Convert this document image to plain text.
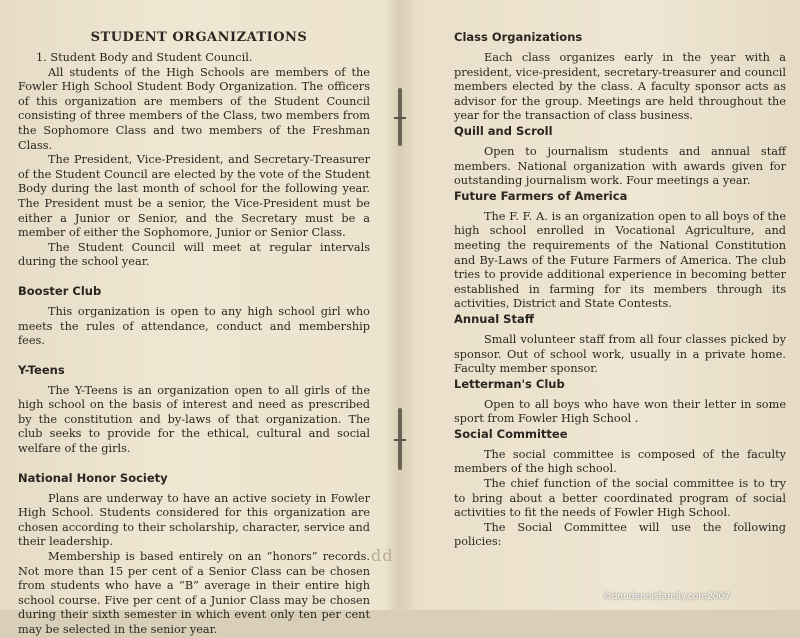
STUDENT ORGANIZATIONS

1. Student Body and Student Council.

All students of the High Schools are members of the Fowler High School Student Body Organization. The officers of this organization are members of the Student Council consisting of three members of the Class, two members from the Sophomore Class and two members of the Freshman Class.

The President, Vice-President, and Secretary-Treasurer of the Student Council are elected by the vote of the Student Body during the last month of school for the following year. The President must be a senior, the Vice-President must be either a Junior or Senior, and the Secretary must be a member of either the Sophomore, Junior or Senior Class.

The Student Council will meet at regular intervals during the school year.

Booster Club

This organization is open to any high school girl who meets the rules of attendance, conduct and membership fees.

Y-Teens

The Y-Teens is an organization open to all girls of the high school on the basis of interest and need as prescribed by the constitution and by-laws of that organization. The club seeks to provide for the ethical, cultural and social welfare of the girls.

National Honor Society

Plans are underway to have an active society in Fowler High School. Students considered for this organization are chosen according to their scholarship, character, service and their leadership.

Membership is based entirely on an “honors” records. Not more than 15 per cent of a Senior Class can be chosen from students who have a “B” average in their entire high school course. Five per cent of a Junior Class may be chosen during their sixth semester in which event only ten per cent may be selected in the senior year.

Class Organizations

Each class organizes early in the year with a president, vice-president, secretary-treasurer and council members elected by the class. A faculty sponsor acts as advisor for the group. Meetings are held throughout the year for the transaction of class business.

Quill and Scroll

Open to journalism students and annual staff members. National organization with awards given for outstanding journalism work. Four meetings a year.

Future Farmers of America

The F. F. A. is an organization open to all boys of the high school enrolled in Vocational Agriculture, and meeting the requirements of the National Constitution and By-Laws of the Future Farmers of America. The club tries to provide additional experience in becoming better established in farming for its members through its activities, District and State Contests.

Annual Staff

Small volunteer staff from all four classes picked by sponsor. Out of school work, usually in a private home. Faculty member sponsor.

Letterman's Club

Open to all boys who have won their letter in some sport from Fowler High School .

Social Committee

The social committee is composed of the faculty members of the high school.

The chief function of the social committee is to try to bring about a better coordinated program of social activities to fit the needs of Fowler High School.

The Social Committee will use the following policies:

dd
©dondennisfamily.com2007
